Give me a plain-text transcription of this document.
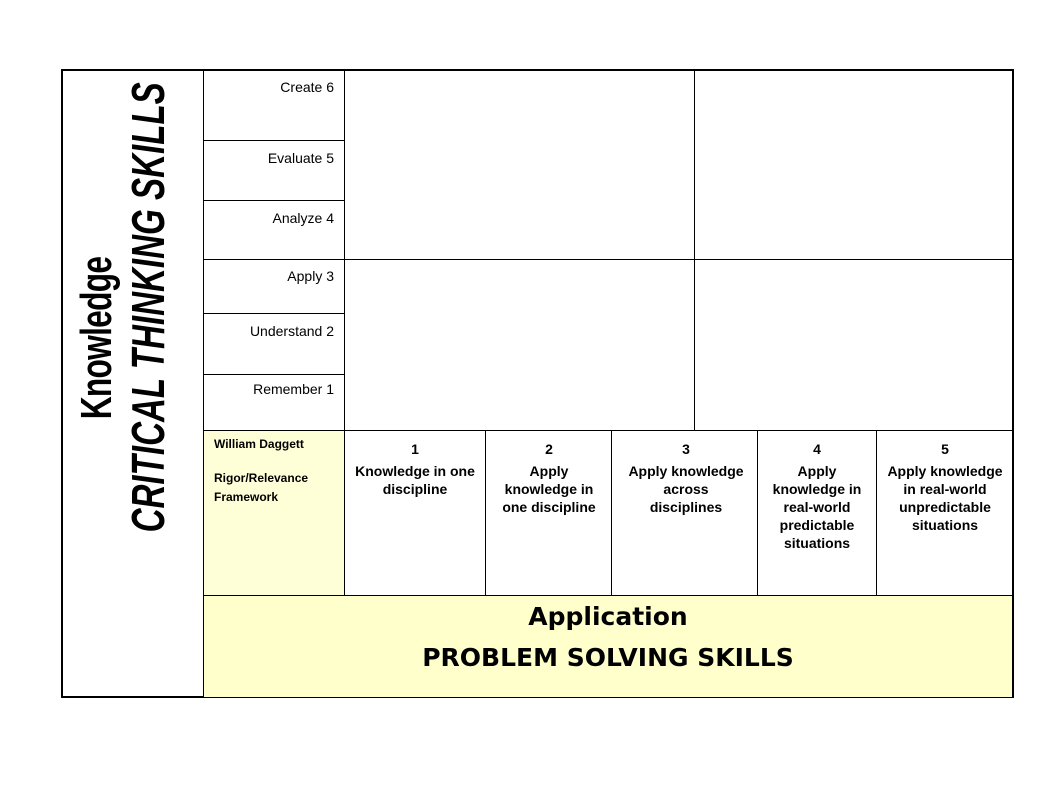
Knowledge CRITICAL THINKING SKILLS	Create 6
Evaluate 5
Analyze 4
Apply 3
Understand 2
Remember 1
William Daggett
Rigor/Relevance
Framework
1
Knowledge in one discipline
2
Apply knowledge in one discipline
3
Apply knowledge across disciplines
4
Apply knowledge in real-world predictable situations
5
Apply knowledge in real-world unpredictable situations
Application
PROBLEM SOLVING SKILLS
